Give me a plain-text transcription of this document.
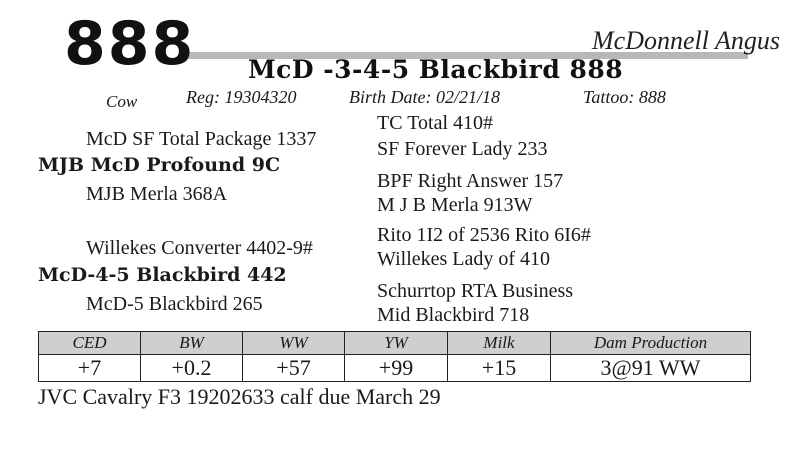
888	McDonnell Angus
McD -3-4-5 Blackbird 888
Cow	Reg: 19304320	Birth Date: 02/21/18	Tattoo: 888
McD SF Total Package 1337
MJB McD Profound 9C
MJB Merla 368A
Willekes Converter 4402-9#
McD-4-5 Blackbird 442
McD-5 Blackbird 265
TC Total 410#
SF Forever Lady 233
BPF Right Answer 157
M J B Merla 913W
Rito 1I2 of 2536 Rito 6I6#
Willekes Lady of 410
Schurrtop RTA Business
Mid Blackbird 718
CED	BW	WW	YW	Milk	Dam Production
+7	+0.2	+57	+99	+15	3@91 WW
JVC Cavalry F3 19202633 calf due March 29
